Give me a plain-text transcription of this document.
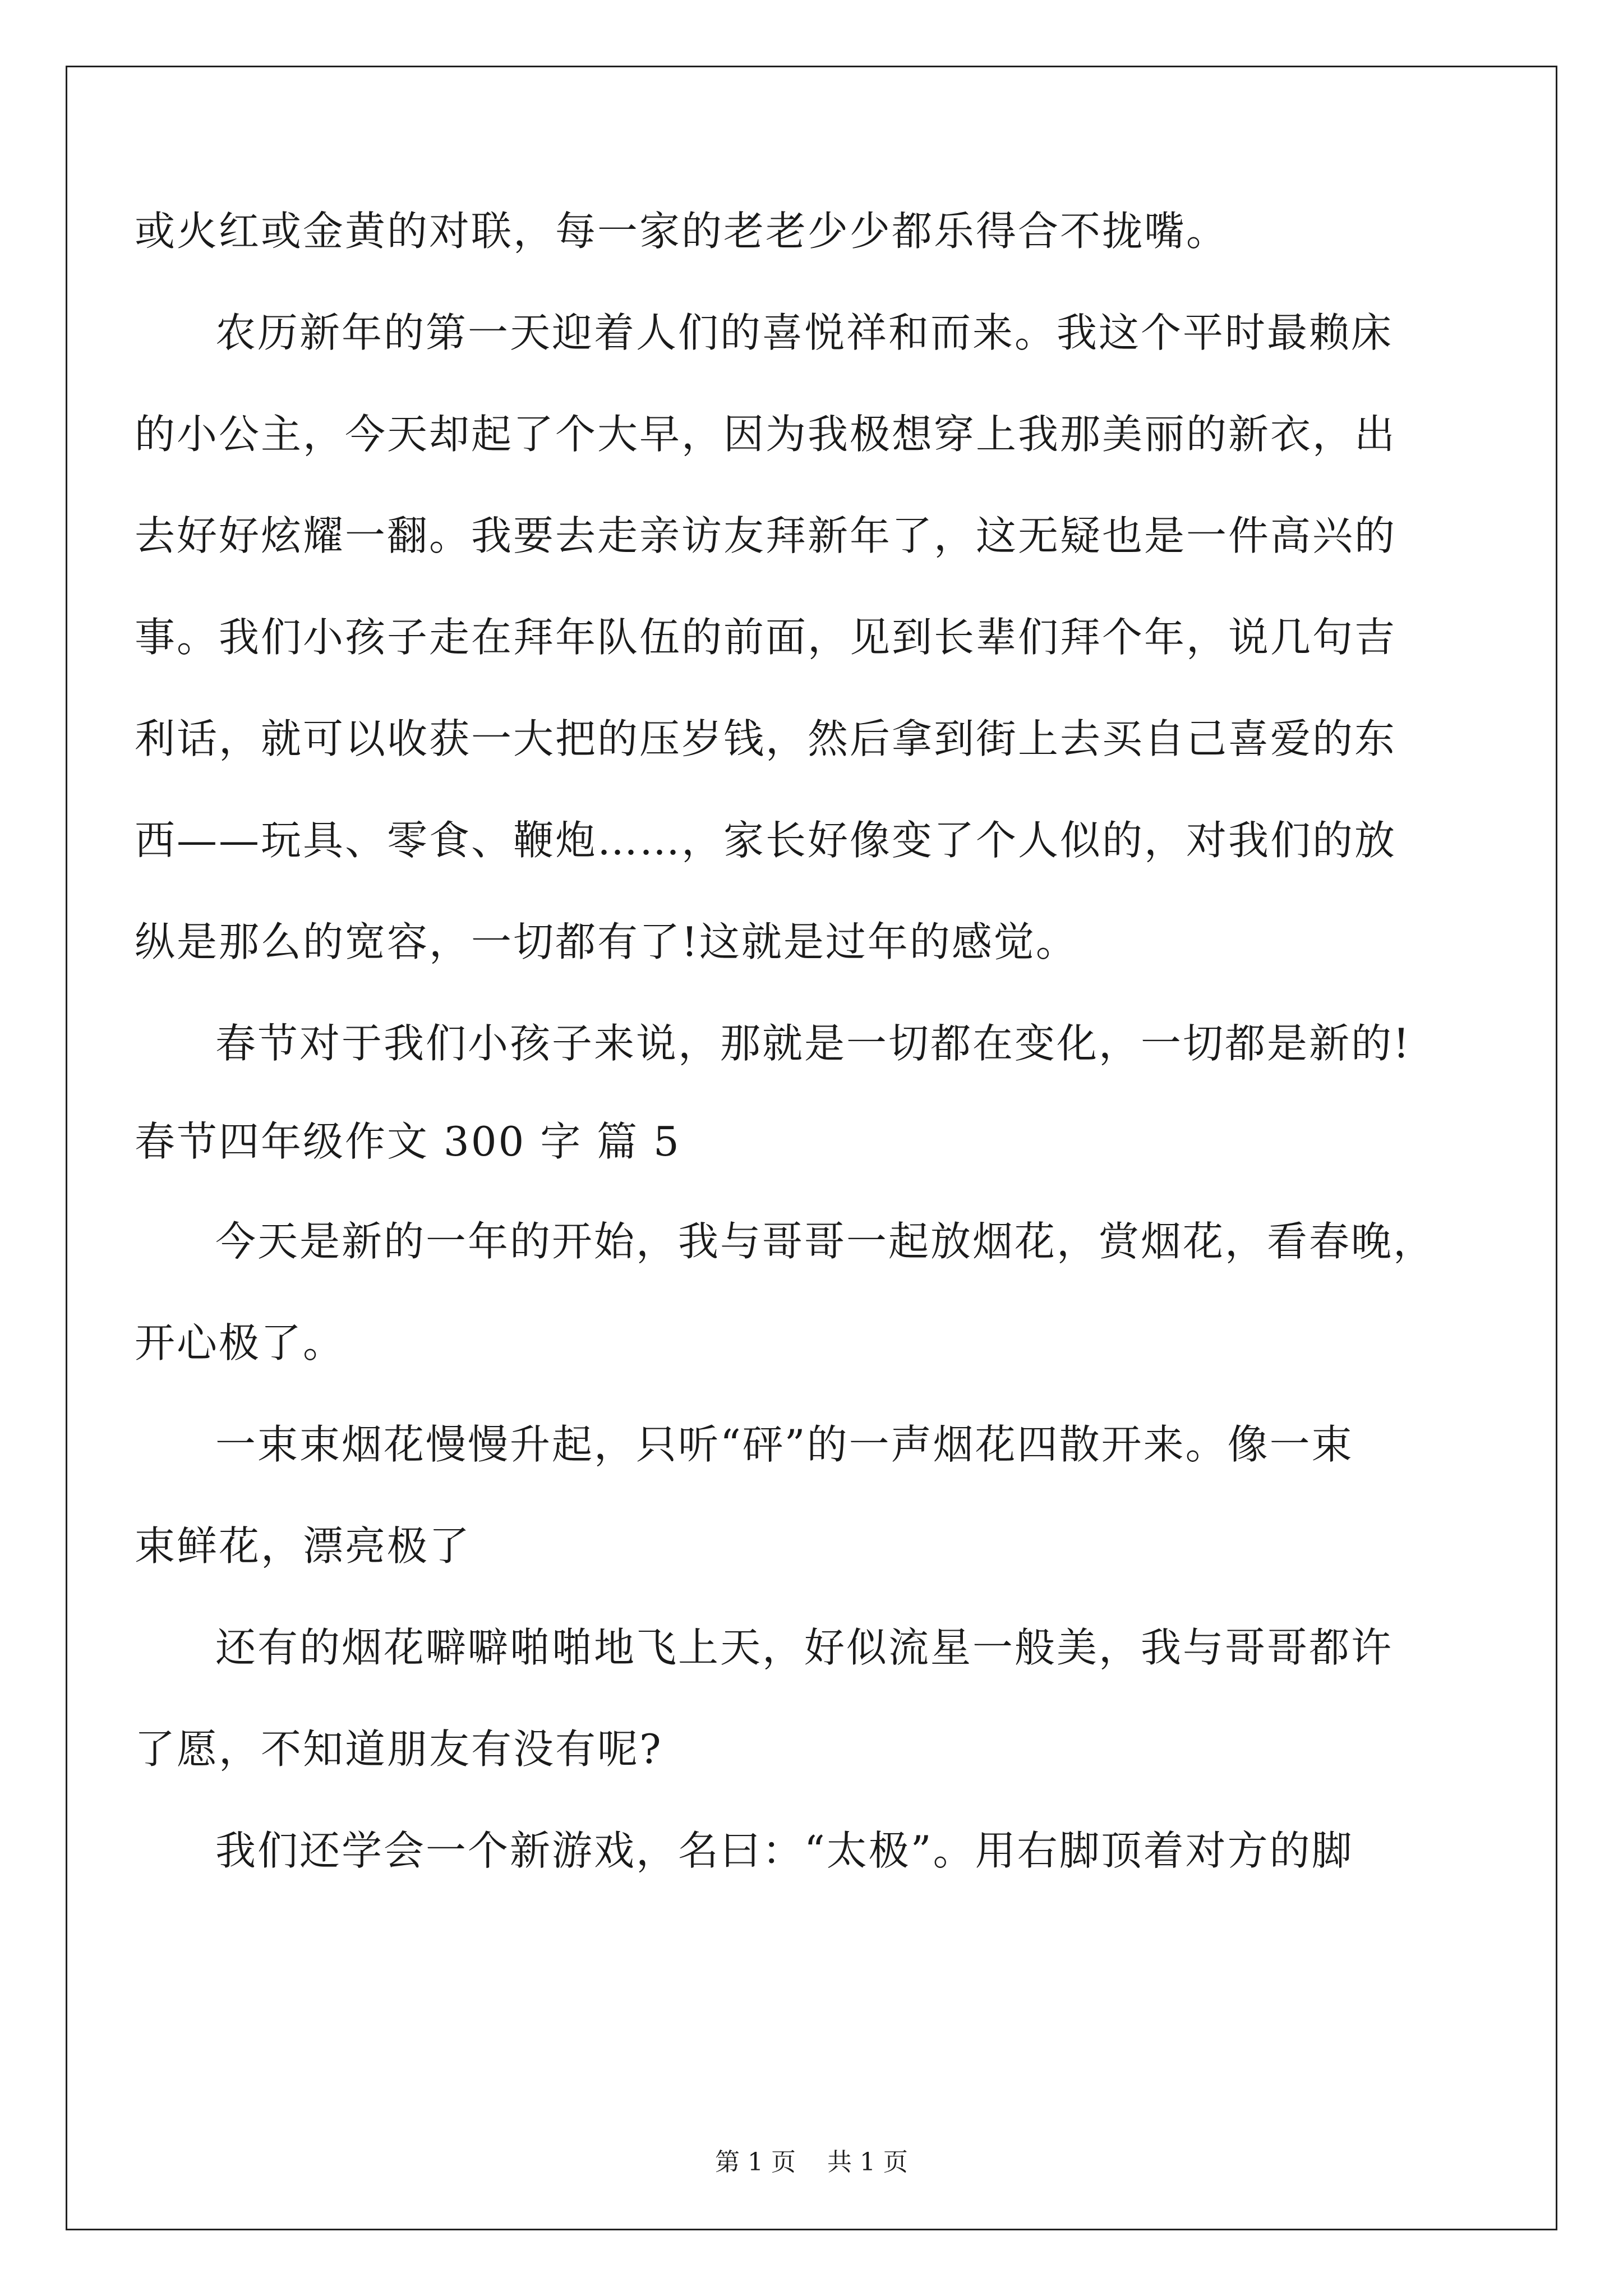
或火红或金黄的对联，每一家的老老少少都乐得合不拢嘴。
农历新年的第一天迎着人们的喜悦祥和而来。我这个平时最赖床
的小公主，今天却起了个大早，因为我极想穿上我那美丽的新衣，出
去好好炫耀一翻。我要去走亲访友拜新年了，这无疑也是一件高兴的
事。我们小孩子走在拜年队伍的前面，见到长辈们拜个年，说几句吉
利话，就可以收获一大把的压岁钱，然后拿到街上去买自己喜爱的东
西——玩具、零食、鞭炮……，家长好像变了个人似的，对我们的放
纵是那么的宽容，一切都有了!这就是过年的感觉。
春节对于我们小孩子来说，那就是一切都在变化，一切都是新的!
春节四年级作文 300 字 篇 5
今天是新的一年的开始，我与哥哥一起放烟花，赏烟花，看春晚，
开心极了。
一束束烟花慢慢升起，只听“砰”的一声烟花四散开来。像一束
束鲜花，漂亮极了
还有的烟花噼噼啪啪地飞上天，好似流星一般美，我与哥哥都许
了愿，不知道朋友有没有呢?
我们还学会一个新游戏，名曰：“太极”。用右脚顶着对方的脚
第 1 页    共 1 页
